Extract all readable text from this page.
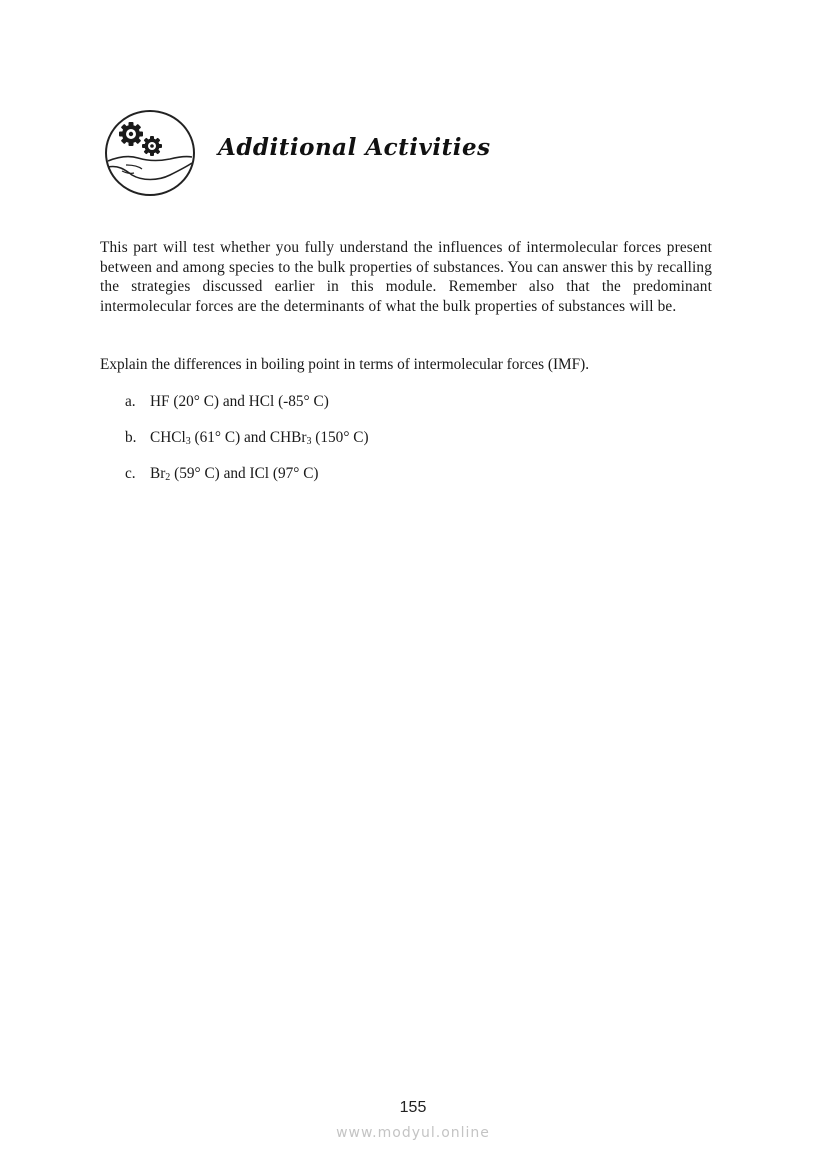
Additional Activities

This part will test whether you fully understand the influences of intermolecular forces present between and among species to the bulk properties of substances. You can answer this by recalling the strategies discussed earlier in this module. Remember also that the predominant intermolecular forces are the determinants of what the bulk properties of substances will be.

Explain the differences in boiling point in terms of intermolecular forces (IMF).

a. HF (20° C) and HCl (-85° C)
b. CHCl$_3$ (61° C) and CHBr$_3$ (150° C)
c. $Br_2$ (59° C) and ICl (97° C)
155
www.modyul.online
